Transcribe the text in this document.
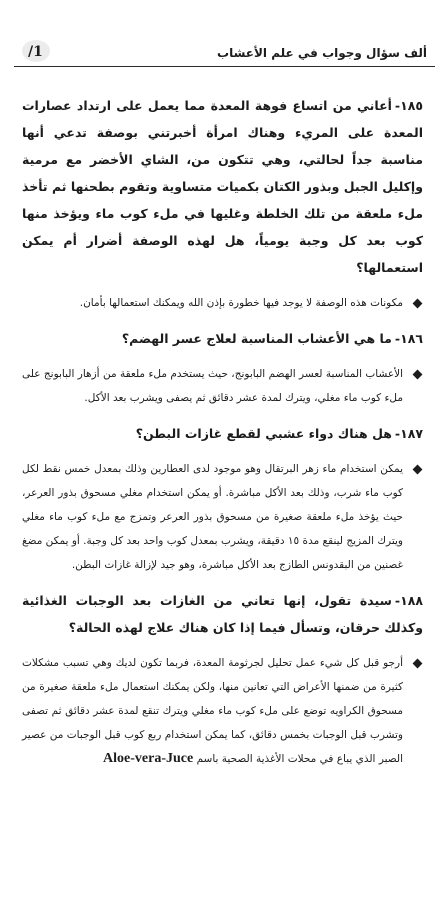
/1	ألف سؤال وجواب في علم الأعشاب

١٨٥-أعاني من اتساع فوهة المعدة مما يعمل على ارتداد عصارات المعدة على المريء وهناك امرأة أخبرتني بوصفة تدعي أنها مناسبة جداً لحالتي، وهي تتكون من، الشاي الأخضر مع مرمية وإكليل الجبل وبذور الكتان بكميات متساوية وتقوم بطحنها ثم تأخذ ملء ملعقة من تلك الخلطة وغليها في ملء كوب ماء ويؤخذ منها كوب بعد كل وجبة يومياً، هل لهذه الوصفة أضرار أم يمكن استعمالها؟

مكونات هذه الوصفة لا يوجد فيها خطورة بإذن الله ويمكنك استعمالها بأمان.

١٨٦-ما هي الأعشاب المناسبة لعلاج عسر الهضم؟

الأعشاب المناسبة لعسر الهضم البابونج، حيث يستخدم ملء ملعقة من أزهار البابونج على ملء كوب ماء مغلي، ويترك لمدة عشر دقائق ثم يصفى ويشرب بعد الأكل.

١٨٧-هل هناك دواء عشبي لقطع غازات البطن؟

يمكن استخدام ماء زهر البرتقال وهو موجود لدى العطارين وذلك بمعدل خمس نقط لكل كوب ماء شرب، وذلك بعد الأكل مباشرة. أو يمكن استخدام مغلي مسحوق بذور العرعر، حيث يؤخذ ملء ملعقة صغيرة من مسحوق بذور العرعر وتمزج مع ملء كوب ماء مغلي ويترك المزيج لينقع مدة ١٥ دقيقة، ويشرب بمعدل كوب واحد بعد كل وجبة. أو يمكن مضغ غصنين من البقدونس الطازج بعد الأكل مباشرة، وهو جيد لإزالة غازات البطن.

١٨٨-سيدة تقول، إنها تعاني من الغازات بعد الوجبات الغذائية وكذلك حرقان، وتسأل فيما إذا كان هناك علاج لهذه الحالة؟

أرجو قبل كل شيء عمل تحليل لجرثومة المعدة، فربما تكون لديك وهي تسبب مشكلات كثيرة من ضمنها الأعراض التي تعانين منها، ولكن يمكنك استعمال ملء ملعقة صغيرة من مسحوق الكراويه توضع على ملء كوب ماء مغلي ويترك تنقع لمدة عشر دقائق ثم تصفى وتشرب قبل الوجبات بخمس دقائق، كما يمكن استخدام ربع كوب قبل الوجبات من عصير الصبر الذي يباع في محلات الأغذية الصحية باسم Aloe-vera-Juce
